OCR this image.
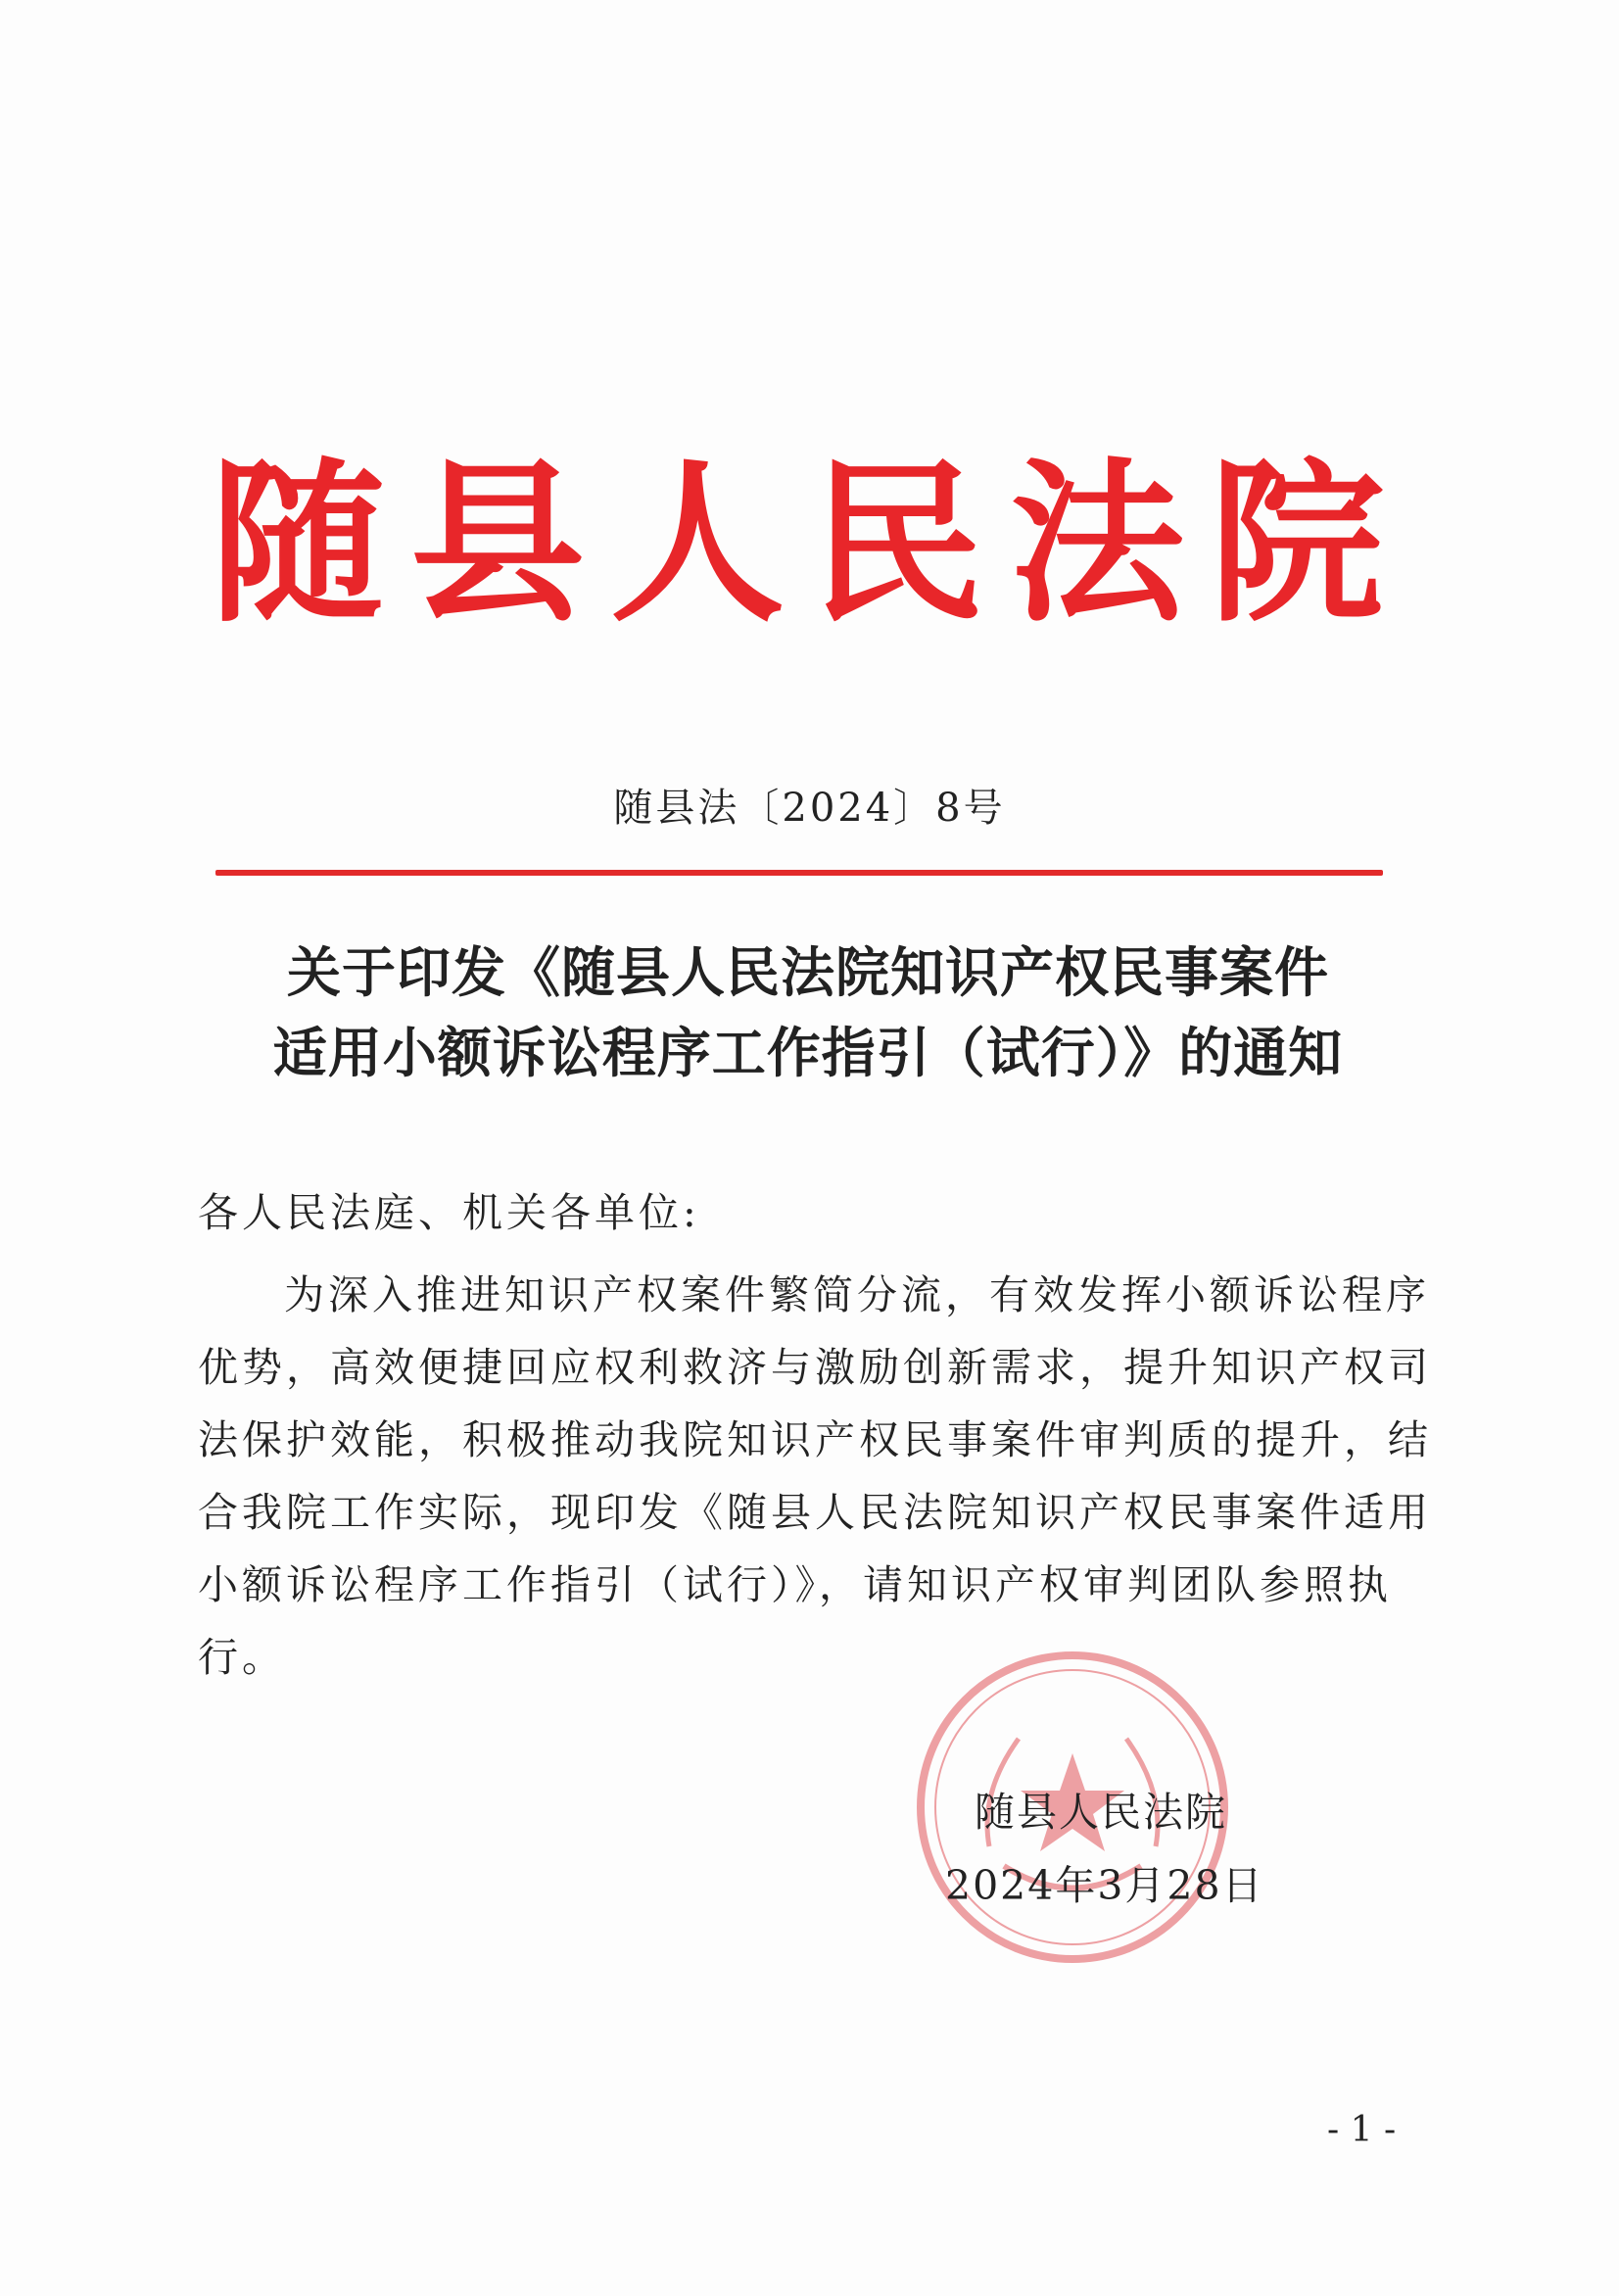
随县人民法院
随县法〔2024〕8号
关于印发《随县人民法院知识产权民事案件
适用小额诉讼程序工作指引（试行）》的通知
各人民法庭、机关各单位:
为深入推进知识产权案件繁简分流，有效发挥小额诉讼程序
优势，高效便捷回应权利救济与激励创新需求，提升知识产权司
法保护效能，积极推动我院知识产权民事案件审判质的提升，结
合我院工作实际，现印发《随县人民法院知识产权民事案件适用
小额诉讼程序工作指引（试行）》，请知识产权审判团队参照执
行。
随县人民法院
2024年3月28日
- 1 -
